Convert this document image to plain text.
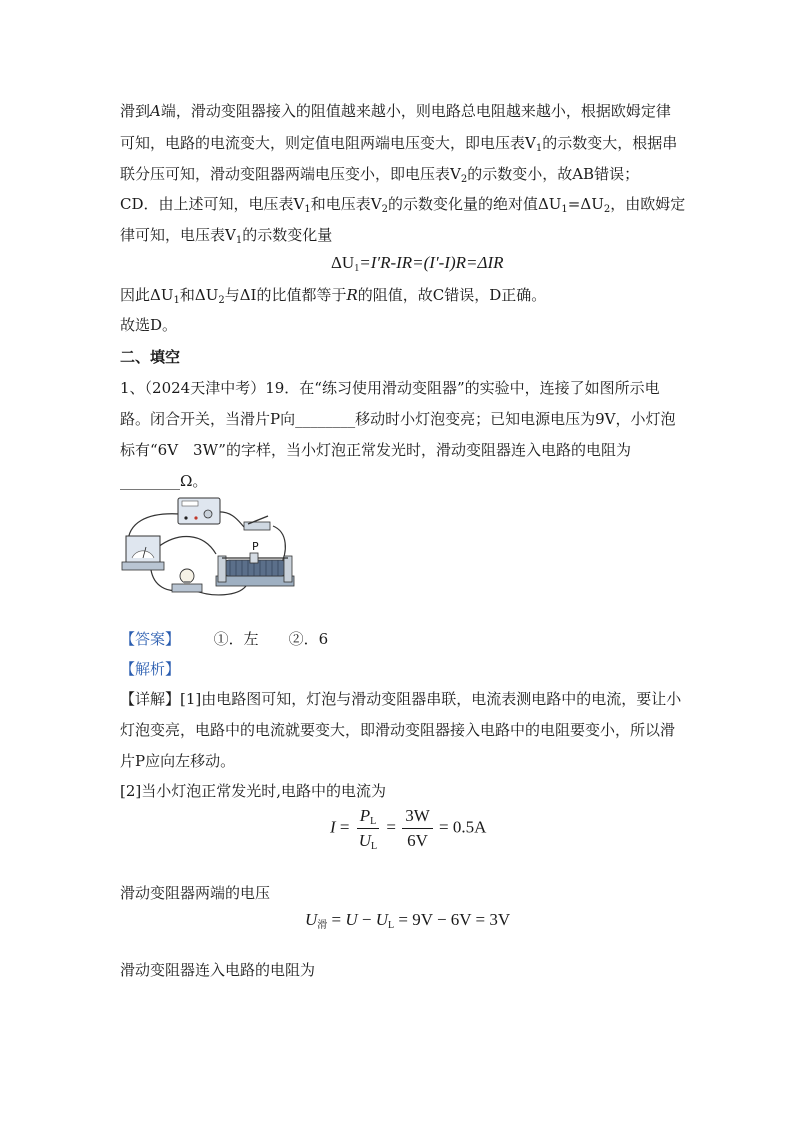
滑到A端，滑动变阻器接入的阻值越来越小，则电路总电阻越来越小，根据欧姆定律
可知，电路的电流变大，则定值电阻两端电压变大，即电压表$V_1$的示数变大，根据串
联分压可知，滑动变阻器两端电压变小，即电压表$V_2$的示数变小，故AB错误；
CD．由上述可知，电压表$V_1$和电压表$V_2$的示数变化量的绝对值$\Delta U_1=\Delta U_2$，由欧姆定
律可知，电压表$V_1$的示数变化量
$\Delta U_1=I'R-IR=(I'-I)R=\Delta IR$
因此$\Delta U_1$和$\Delta U_2$与ΔI的比值都等于R的阻值，故C错误，D正确。
故选D。
二、填空
1、（2024天津中考）19．在“练习使用滑动变阻器”的实验中，连接了如图所示电
路。闭合开关，当滑片P向________移动时小灯泡变亮；已知电源电压为9V，小灯泡
标有“6V　3W”的字样，当小灯泡正常发光时，滑动变阻器连入电路的电阻为
________Ω。
P
【答案】 ①．左　　②．6
【解析】
【详解】[1]由电路图可知，灯泡与滑动变阻器串联，电流表测电路中的电流，要让小
灯泡变亮，电路中的电流就要变大，即滑动变阻器接入电路中的电阻要变小，所以滑
片P应向左移动。
[2]当小灯泡正常发光时,电路中的电流为
$I = \frac{P_L}{U_L} = \frac{3W}{6V} = 0.5A$
滑动变阻器两端的电压
$U_滑 = U - U_L = 9V - 6V = 3V$
滑动变阻器连入电路的电阻为
